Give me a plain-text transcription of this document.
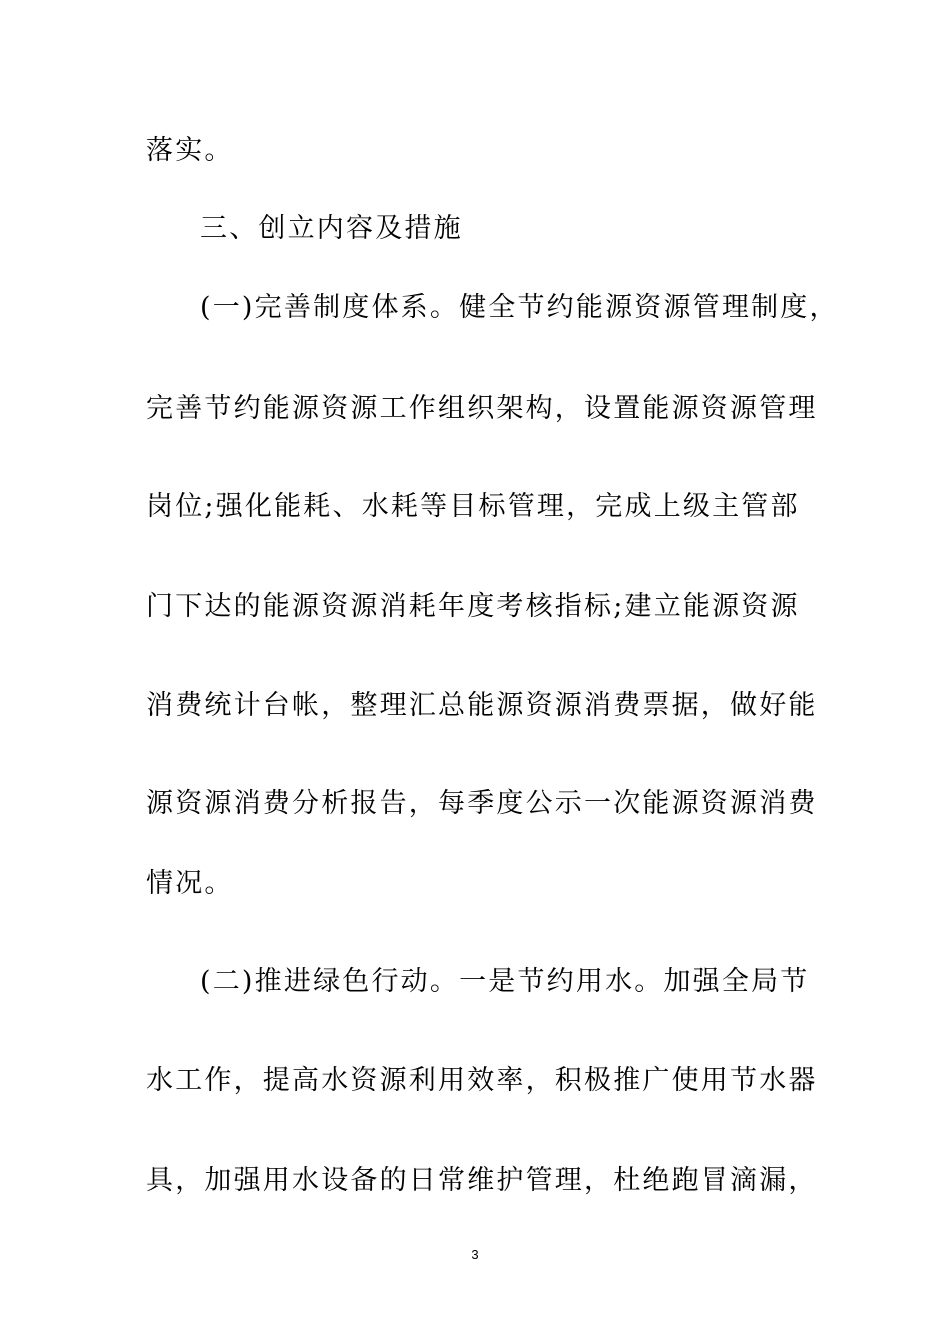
落实。
三、创立内容及措施
(一)完善制度体系。健全节约能源资源管理制度，
完善节约能源资源工作组织架构，设置能源资源管理
岗位;强化能耗、水耗等目标管理，完成上级主管部
门下达的能源资源消耗年度考核指标;建立能源资源
消费统计台帐，整理汇总能源资源消费票据，做好能
源资源消费分析报告，每季度公示一次能源资源消费
情况。
(二)推进绿色行动。一是节约用水。加强全局节
水工作，提高水资源利用效率，积极推广使用节水器
具，加强用水设备的日常维护管理，杜绝跑冒滴漏，
3
